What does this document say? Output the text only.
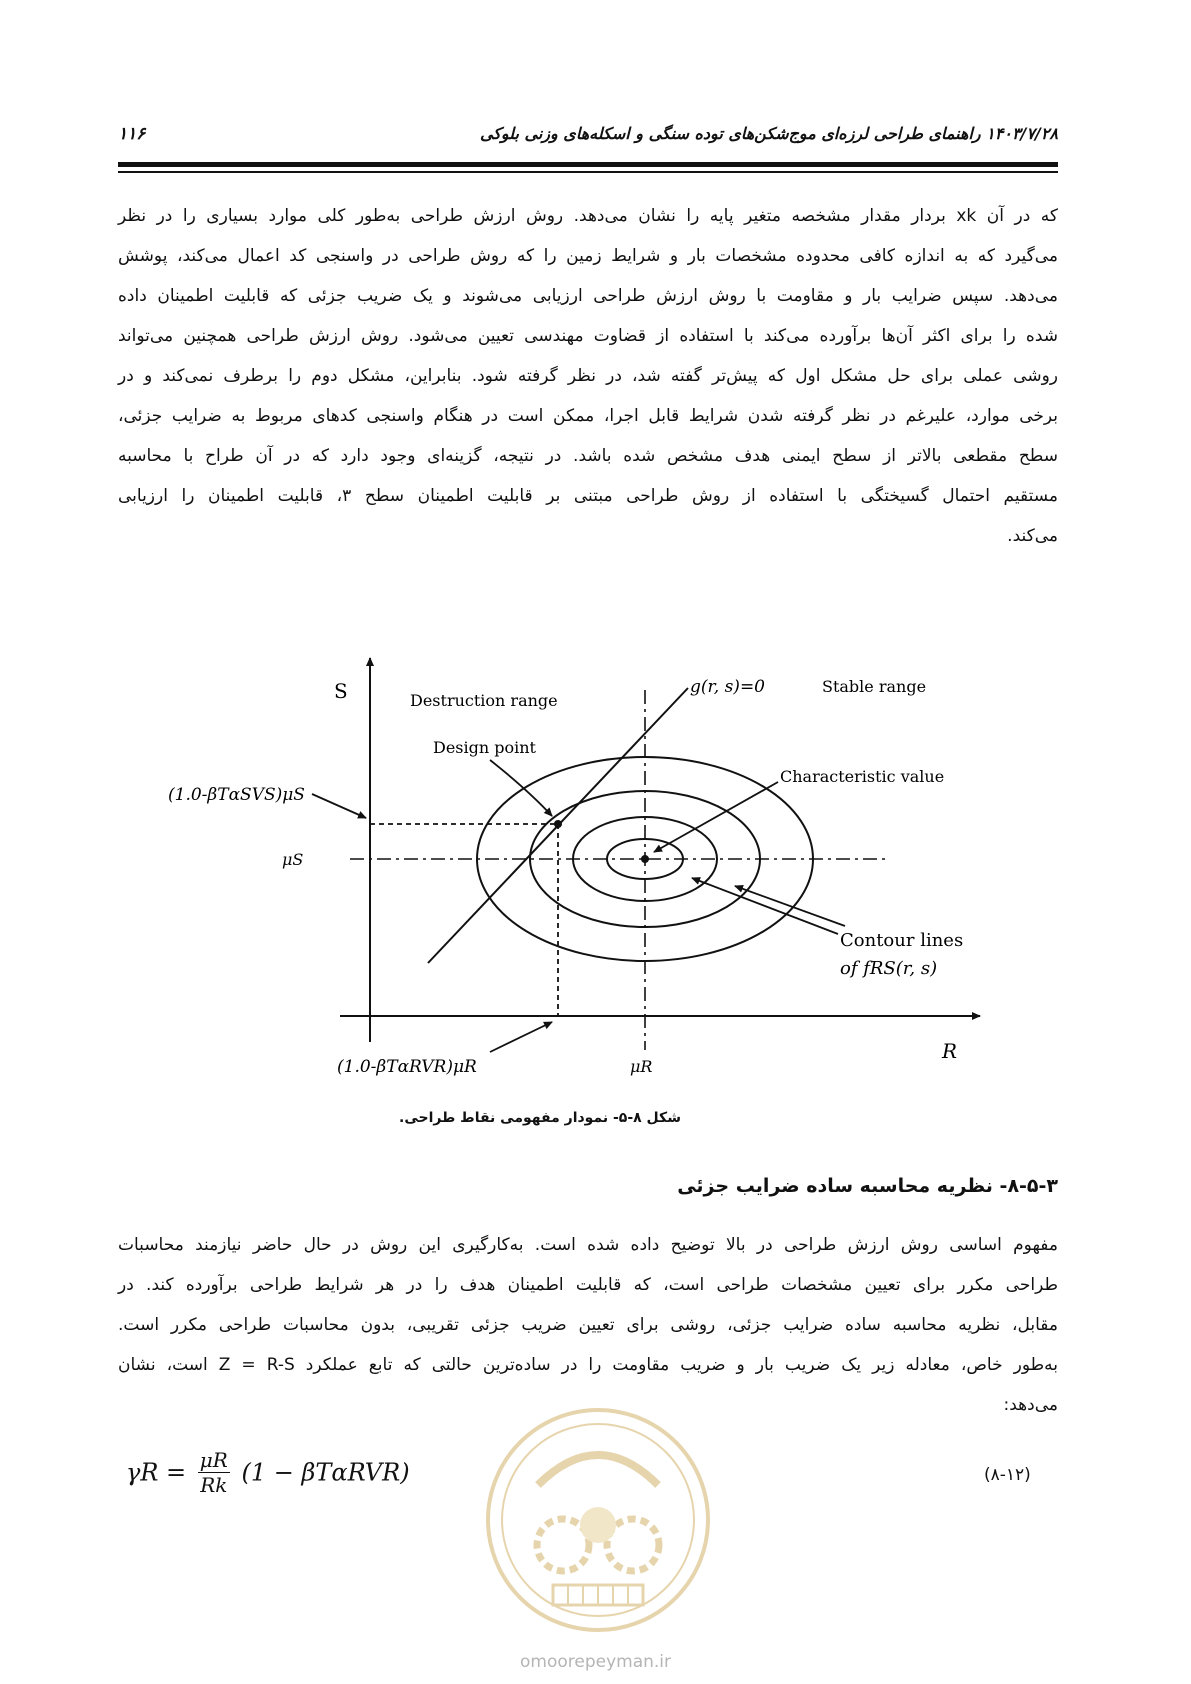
۱۱۶	۱۴۰۳/۷/۲۸ راهنمای طراحی لرزه‌ای موج‌شکن‌های توده سنگی و اسکله‌های وزنی بلوکی
که در آن xk بردار مقدار مشخصه متغیر پایه را نشان می‌دهد. روش ارزش طراحی به‌طور کلی موارد بسیاری را در نظر
می‌گیرد که به اندازه کافی محدوده مشخصات بار و شرایط زمین را که روش طراحی در واسنجی کد اعمال می‌کند، پوشش
می‌دهد. سپس ضرایب بار و مقاومت با روش ارزش طراحی ارزیابی می‌شوند و یک ضریب جزئی که قابلیت اطمینان داده
شده را برای اکثر آن‌ها برآورده می‌کند با استفاده از قضاوت مهندسی تعیین می‌شود. روش ارزش طراحی همچنین می‌تواند
روشی عملی برای حل مشکل اول که پیش‌تر گفته شد، در نظر گرفته شود. بنابراین، مشکل دوم را برطرف نمی‌کند و در
برخی موارد، علیرغم در نظر گرفته شدن شرایط قابل اجرا، ممکن است در هنگام واسنجی کدهای مربوط به ضرایب جزئی،
سطح مقطعی بالاتر از سطح ایمنی هدف مشخص شده باشد. در نتیجه، گزینه‌ای وجود دارد که در آن طراح با محاسبه
مستقیم احتمال گسیختگی با استفاده از روش طراحی مبتنی بر قابلیت اطمینان سطح ۳، قابلیت اطمینان را ارزیابی
می‌کند.
S
R
Destruction range
Stable range
g(r, s)=0
Design point
Characteristic value
Contour lines
of fRS(r, s)
(1.0-βTαSVS)μS
μS
(1.0-βTαRVR)μR	μR
شکل ۸-۵- نمودار مفهومی نقاط طراحی.
۸-۵-۳- نظریه محاسبه ساده ضرایب جزئی
مفهوم اساسی روش ارزش طراحی در بالا توضیح داده شده است. به‌کارگیری این روش در حال حاضر نیازمند محاسبات
طراحی مکرر برای تعیین مشخصات طراحی است، که قابلیت اطمینان هدف را در هر شرایط طراحی برآورده کند. در
مقابل، نظریه محاسبه ساده ضرایب جزئی، روشی برای تعیین ضریب جزئی تقریبی، بدون محاسبات طراحی مکرر است.
به‌طور خاص، معادله زیر یک ضریب بار و ضریب مقاومت را در ساده‌ترین حالتی که تابع عملکرد Z = R-S است، نشان
می‌دهد:
$\gamma R = \frac{\mu R}{Rk} (1 - \beta T\alpha RVR)$	(۸-۱۲)
omoorepeyman.ir
